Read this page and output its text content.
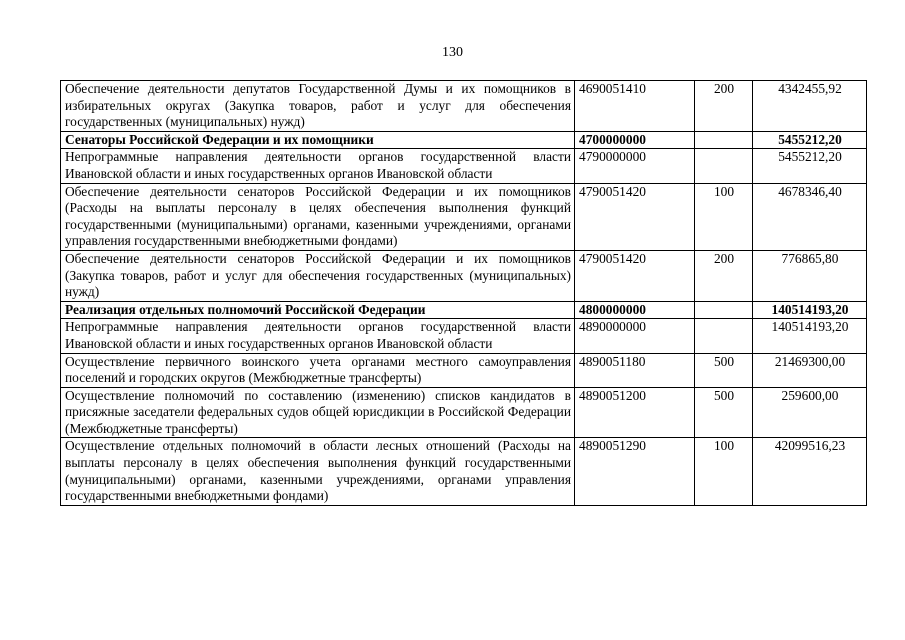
130
Обеспечение деятельности депутатов Государственной Думы и их помощников в избирательных округах (Закупка товаров, работ и услуг для обеспечения государственных (муниципальных) нужд)	4690051410	200	4342455,92
Сенаторы Российской Федерации и их помощники	4700000000		5455212,20
Непрограммные направления деятельности органов государственной власти Ивановской области и иных государственных органов Ивановской области	4790000000		5455212,20
Обеспечение деятельности сенаторов Российской Федерации и их помощников (Расходы на выплаты персоналу в целях обеспечения выполнения функций государственными (муниципальными) органами, казенными учреждениями, органами управления государственными внебюджетными фондами)	4790051420	100	4678346,40
Обеспечение деятельности сенаторов Российской Федерации и их помощников (Закупка товаров, работ и услуг для обеспечения государственных (муниципальных) нужд)	4790051420	200	776865,80
Реализация отдельных полномочий Российской Федерации	4800000000		140514193,20
Непрограммные направления деятельности органов государственной власти Ивановской области и иных государственных органов Ивановской области	4890000000		140514193,20
Осуществление первичного воинского учета органами местного самоуправления поселений и городских округов (Межбюджетные трансферты)	4890051180	500	21469300,00
Осуществление полномочий по составлению (изменению) списков кандидатов в присяжные заседатели федеральных судов общей юрисдикции в Российской Федерации (Межбюджетные трансферты)	4890051200	500	259600,00
Осуществление отдельных полномочий в области лесных отношений (Расходы на выплаты персоналу в целях обеспечения выполнения функций государственными (муниципальными) органами, казенными учреждениями, органами управления государственными внебюджетными фондами)	4890051290	100	42099516,23
